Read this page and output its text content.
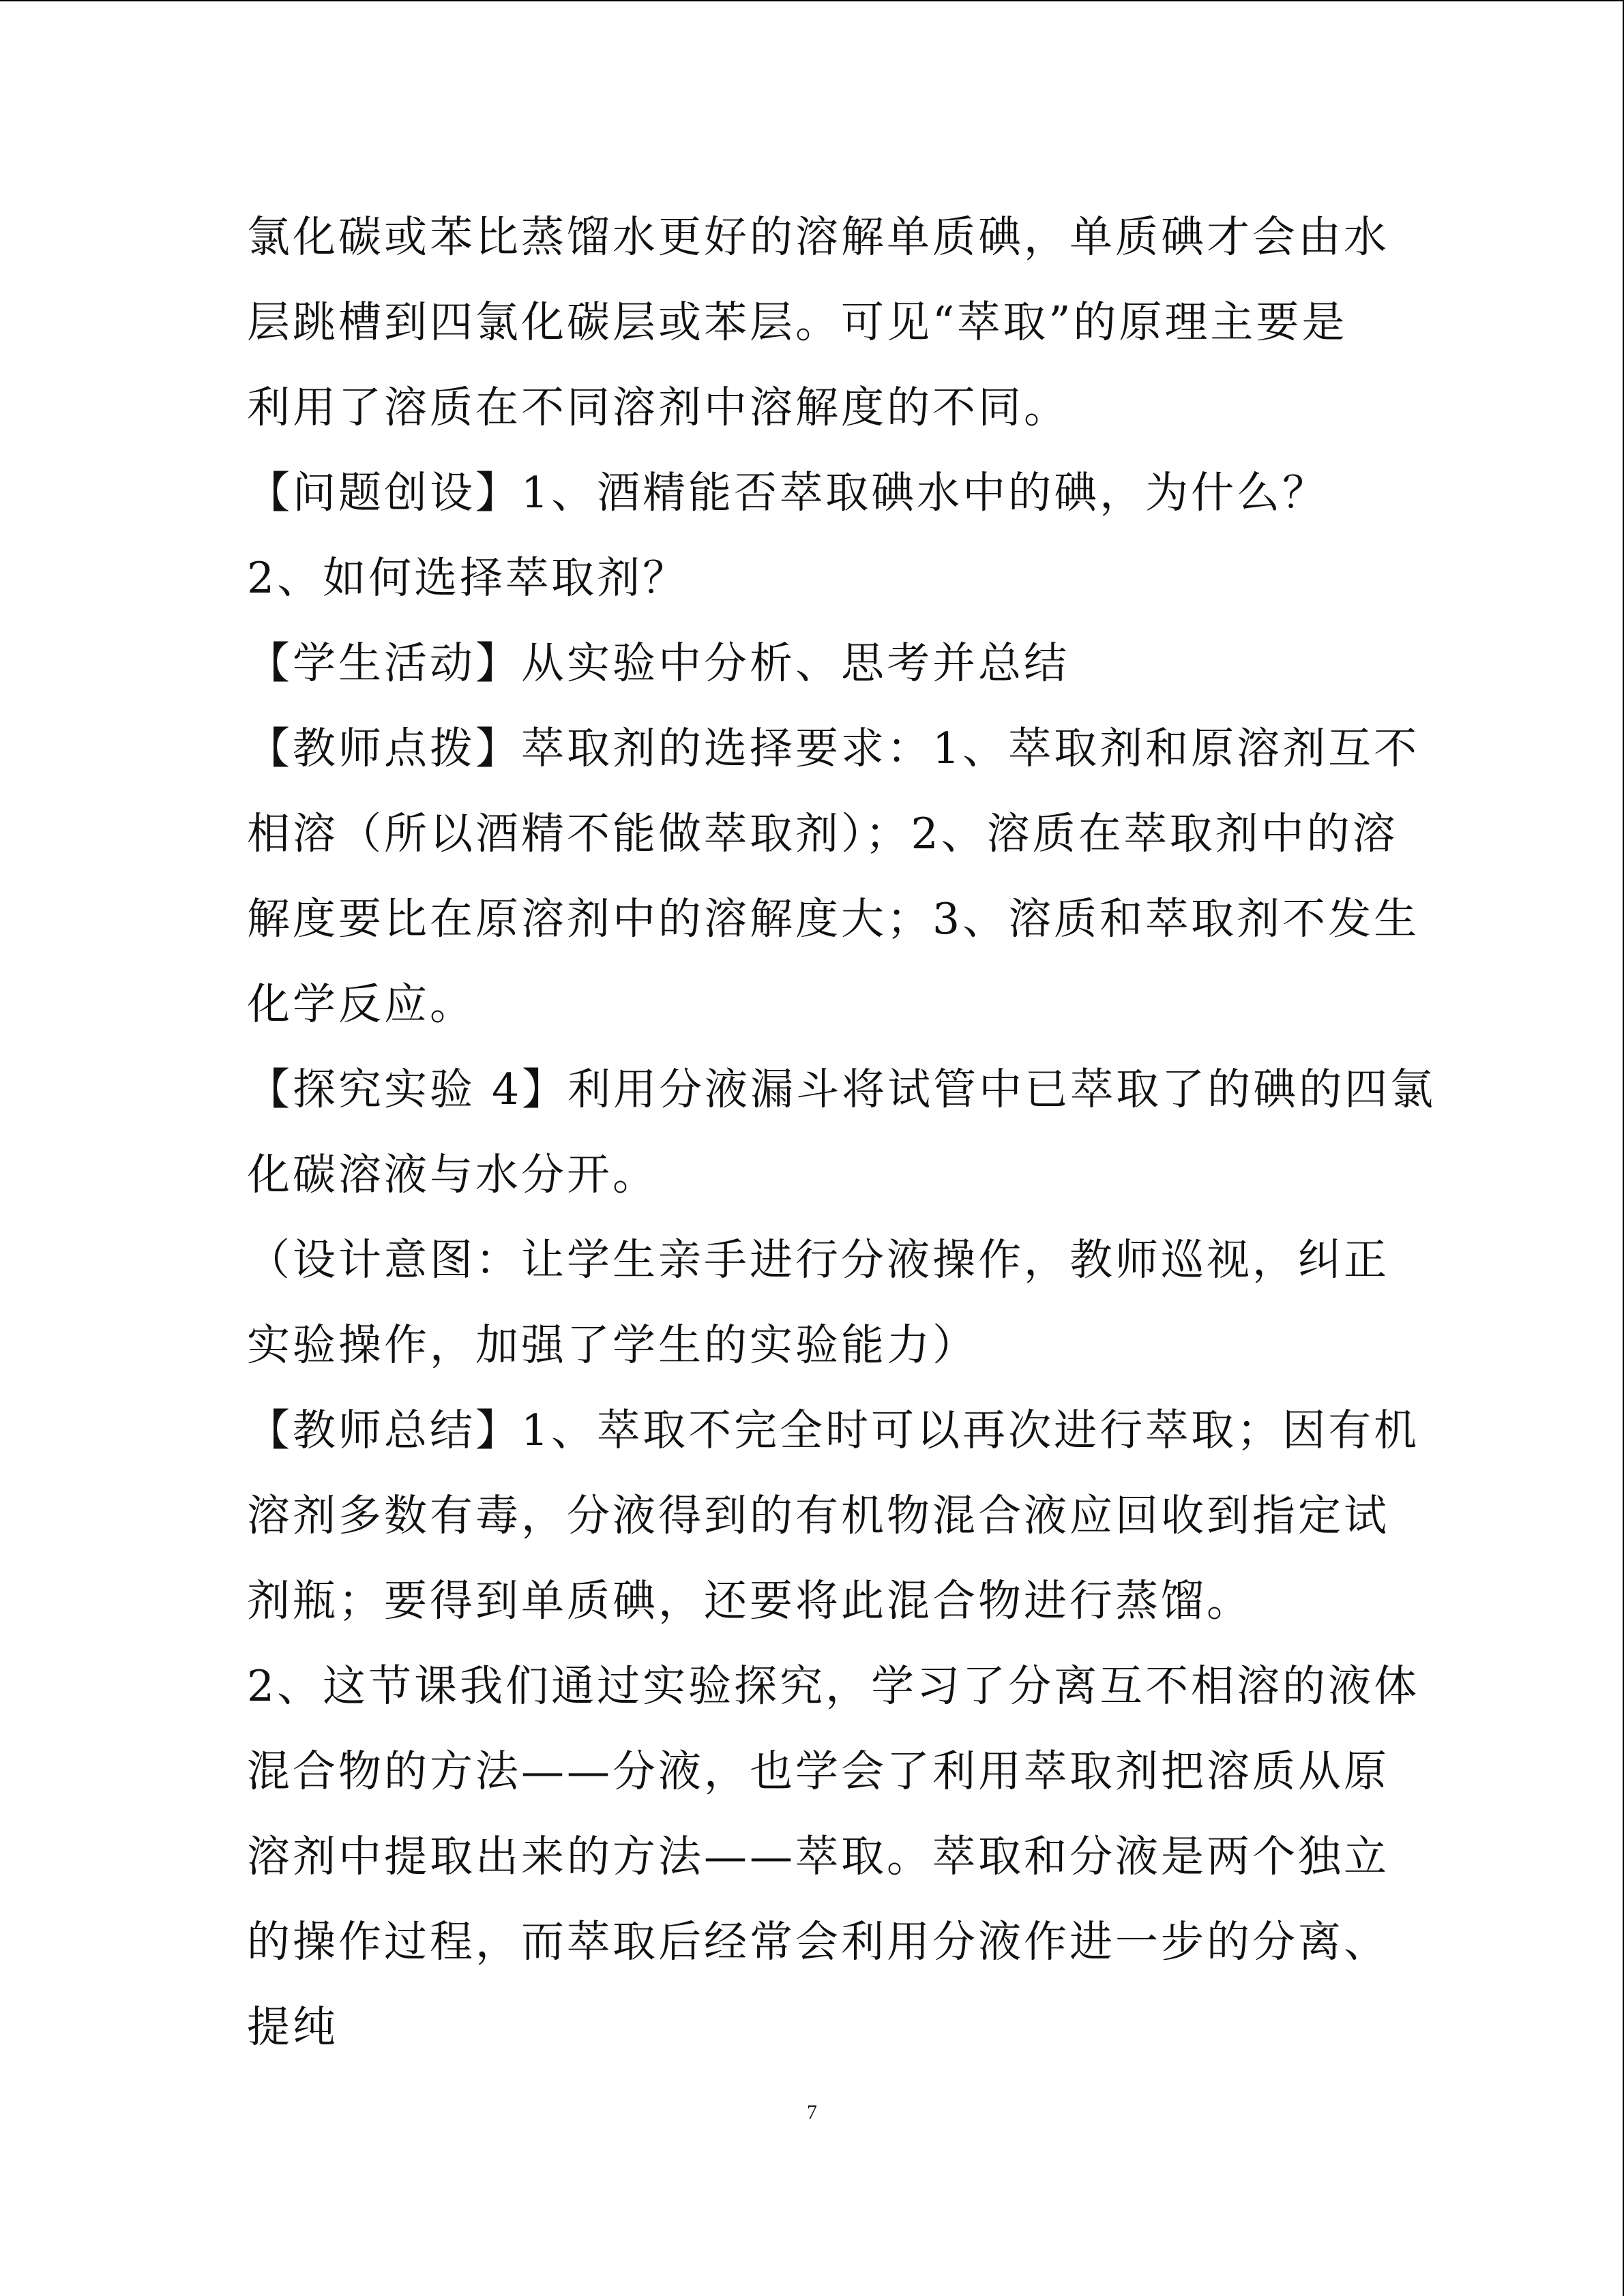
氯化碳或苯比蒸馏水更好的溶解单质碘，单质碘才会由水
层跳槽到四氯化碳层或苯层。可见“萃取”的原理主要是
利用了溶质在不同溶剂中溶解度的不同。
【问题创设】1、酒精能否萃取碘水中的碘，为什么？
2、如何选择萃取剂？
【学生活动】从实验中分析、思考并总结
【教师点拨】萃取剂的选择要求：1、萃取剂和原溶剂互不
相溶（所以酒精不能做萃取剂）；2、溶质在萃取剂中的溶
解度要比在原溶剂中的溶解度大；3、溶质和萃取剂不发生
化学反应。
【探究实验 4】利用分液漏斗将试管中已萃取了的碘的四氯
化碳溶液与水分开。
（设计意图：让学生亲手进行分液操作，教师巡视，纠正
实验操作，加强了学生的实验能力）
【教师总结】1、萃取不完全时可以再次进行萃取；因有机
溶剂多数有毒，分液得到的有机物混合液应回收到指定试
剂瓶；要得到单质碘，还要将此混合物进行蒸馏。
2、这节课我们通过实验探究，学习了分离互不相溶的液体
混合物的方法——分液，也学会了利用萃取剂把溶质从原
溶剂中提取出来的方法——萃取。萃取和分液是两个独立
的操作过程，而萃取后经常会利用分液作进一步的分离、
提纯
7
